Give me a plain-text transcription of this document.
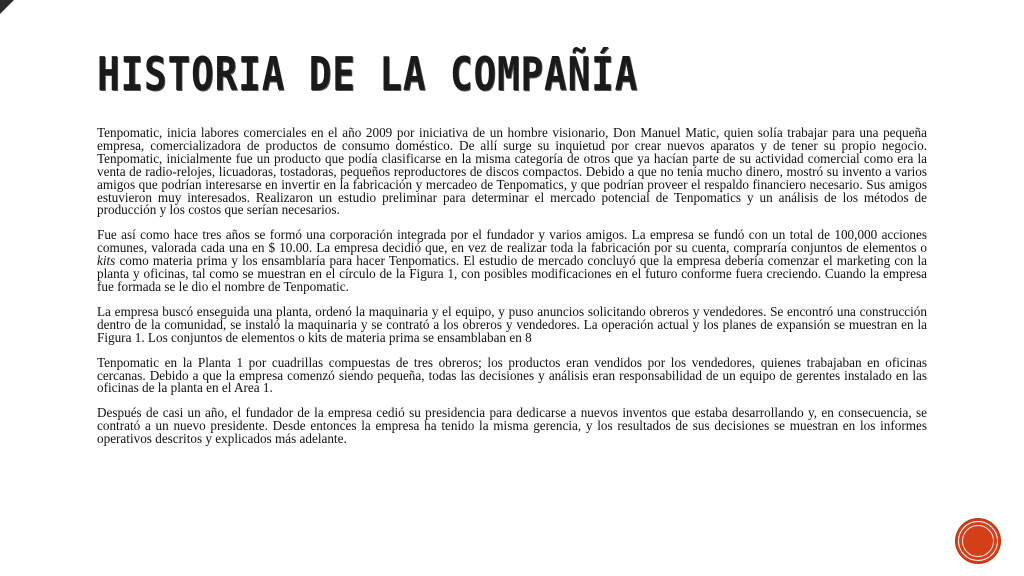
HISTORIA DE LA COMPAÑÍA

Tenpomatic, inicia labores comerciales en el año 2009 por iniciativa de un hombre visionario, Don Manuel Matic, quien solía trabajar para una pequeña empresa, comercializadora de productos de consumo doméstico. De allí surge su inquietud por crear nuevos aparatos y de tener su propio negocio. Tenpomatic, inicialmente fue un producto que podía clasificarse en la misma categoría de otros que ya hacían parte de su actividad comercial como era la venta de radio-relojes, licuadoras, tostadoras, pequeños reproductores de discos compactos. Debido a que no tenía mucho dinero, mostró su invento a varios amigos que podrían interesarse en invertir en la fabricación y mercadeo de Tenpomatics, y que podrían proveer el respaldo financiero necesario. Sus amigos estuvieron muy interesados. Realizaron un estudio preliminar para determinar el mercado potencial de Tenpomatics y un análisis de los métodos de producción y los costos que serían necesarios.

Fue así como hace tres años se formó una corporación integrada por el fundador y varios amigos. La empresa se fundó con un total de 100,000 acciones comunes, valorada cada una en $ 10.00. La empresa decidió que, en vez de realizar toda la fabricación por su cuenta, compraría conjuntos de elementos o kits como materia prima y los ensamblaría para hacer Tenpomatics. El estudio de mercado concluyó que la empresa debería comenzar el marketing con la planta y oficinas, tal como se muestran en el círculo de la Figura 1, con posibles modificaciones en el futuro conforme fuera creciendo. Cuando la empresa fue formada se le dio el nombre de Tenpomatic.

La empresa buscó enseguida una planta, ordenó la maquinaria y el equipo, y puso anuncios solicitando obreros y vendedores. Se encontró una construcción dentro de la comunidad, se instaló la maquinaria y se contrató a los obreros y vendedores. La operación actual y los planes de expansión se muestran en la Figura 1. Los conjuntos de elementos o kits de materia prima se ensamblaban en 8

Tenpomatic en la Planta 1 por cuadrillas compuestas de tres obreros; los productos eran vendidos por los vendedores, quienes trabajaban en oficinas cercanas. Debido a que la empresa comenzó siendo pequeña, todas las decisiones y análisis eran responsabilidad de un equipo de gerentes instalado en las oficinas de la planta en el Area 1.

Después de casi un año, el fundador de la empresa cedió su presidencia para dedicarse a nuevos inventos que estaba desarrollando y, en consecuencia, se contrató a un nuevo presidente. Desde entonces la empresa ha tenido la misma gerencia, y los resultados de sus decisiones se muestran en los informes operativos descritos y explicados más adelante.
